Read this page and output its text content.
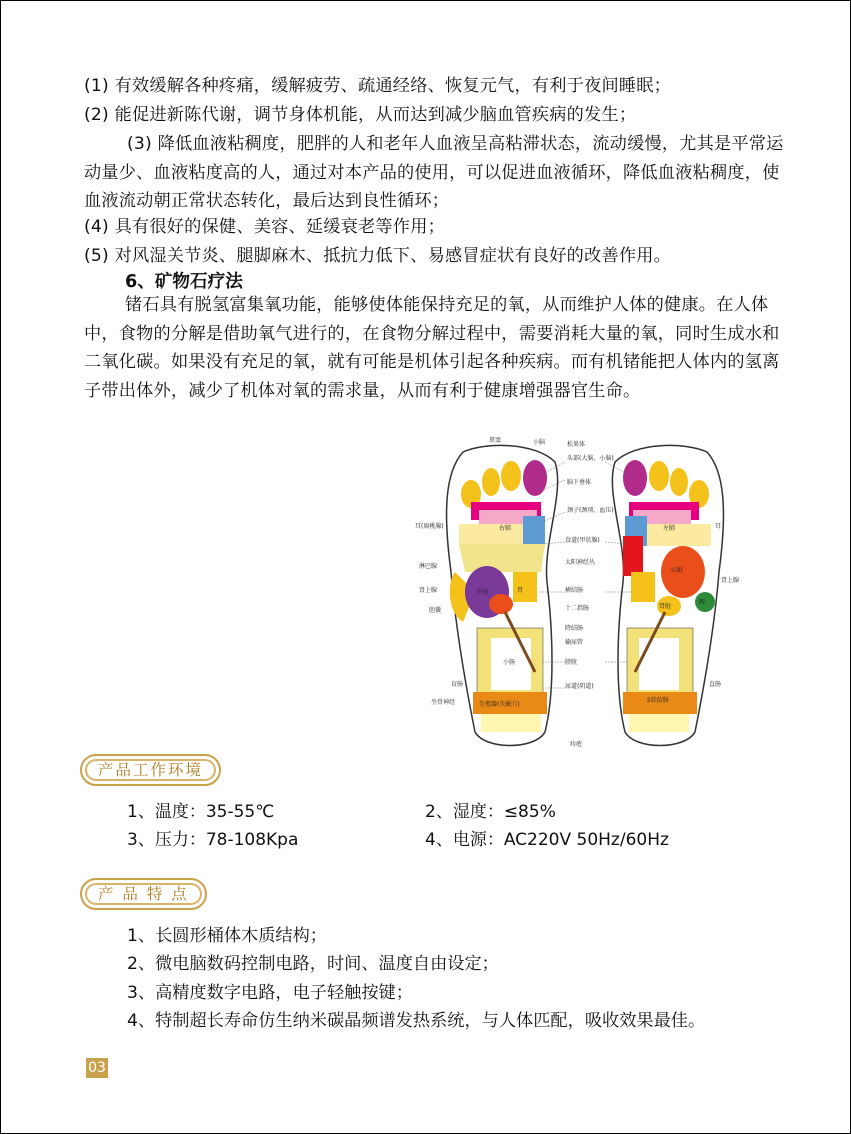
(1) 有效缓解各种疼痛，缓解疲劳、疏通经络、恢复元气，有利于夜间睡眠；

(2) 能促进新陈代谢，调节身体机能，从而达到减少脑血管疾病的发生；

(3) 降低血液粘稠度，肥胖的人和老年人血液呈高粘滞状态，流动缓慢，尤其是平常运动量少、血液粘度高的人，通过对本产品的使用，可以促进血液循环，降低血液粘稠度，使血液流动朝正常状态转化，最后达到良性循环；

(4) 具有很好的保健、美容、延缓衰老等作用；

(5) 对风湿关节炎、腿脚麻木、抵抗力低下、易感冒症状有良好的改善作用。

6、矿物石疗法

锗石具有脱氢富集氧功能，能够使体能保持充足的氧，从而维护人体的健康。在人体中，食物的分解是借助氧气进行的，在食物分解过程中，需要消耗大量的氧，同时生成水和二氧化碳。如果没有充足的氧，就有可能是机体引起各种疾病。而有机锗能把人体内的氢离子带出体外，减少了机体对氧的需求量，从而有利于健康增强器官生命。

鼻窦	小脑	松果体
头部(大脑、小脑)
脑下垂体
颈子(颈项、血压)
食道(甲状腺)
太阳神经丛
横结肠
十二指肠
降结肠
输尿管
膀胱
尿道(阴道)
痔疮
耳(扁桃腺)
淋巴腺
肾上腺
胆囊
盲肠
坐骨神经
耳
肾上腺
直肠
S状结肠
生殖器(失眠穴)
右肺	左肺
心脏
肝脏	胃
肾脏
小肠
脾
产品工作环境

1、温度：35-55℃	2、湿度：≤85%

3、压力：78-108Kpa	4、电源：AC220V 50Hz/60Hz

产 品 特 点

1、长圆形桶体木质结构；

2、微电脑数码控制电路，时间、温度自由设定；

3、高精度数字电路，电子轻触按键；

4、特制超长寿命仿生纳米碳晶频谱发热系统，与人体匹配，吸收效果最佳。

03
